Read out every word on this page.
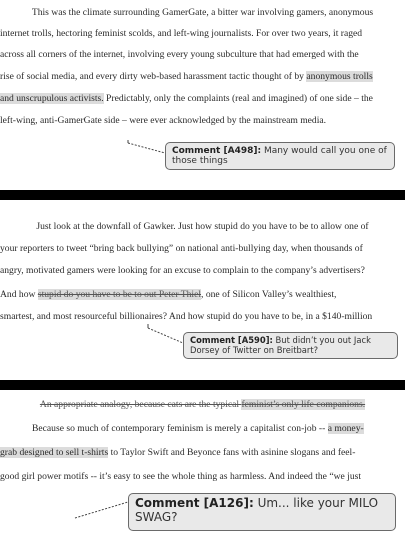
This was the climate surrounding GamerGate, a bitter war involving gamers, anonymous
internet trolls, hectoring feminist scolds, and left-wing journalists. For over two years, it raged
across all corners of the internet, involving every young subculture that had emerged with the
rise of social media, and every dirty web-based harassment tactic thought of by anonymous trolls
and unscrupulous activists. Predictably, only the complaints (real and imagined) of one side – the
left-wing, anti-GamerGate side – were ever acknowledged by the mainstream media.
Comment [A498]: Many would call you one of those things
Just look at the downfall of Gawker. Just how stupid do you have to be to allow one of
your reporters to tweet “bring back bullying” on national anti-bullying day, when thousands of
angry, motivated gamers were looking for an excuse to complain to the company’s advertisers?
And how stupid do you have to be to out Peter Thiel, one of Silicon Valley’s wealthiest,
smartest, and most resourceful billionaires? And how stupid do you have to be, in a $140-million
Comment [A590]: But didn’t you out Jack Dorsey of Twitter on Breitbart?
An appropriate analogy, because cats are the typical feminist’s only life companions.
Because so much of contemporary feminism is merely a capitalist con-job -- a money-
grab designed to sell t-shirts to Taylor Swift and Beyonce fans with asinine slogans and feel-
good girl power motifs -- it’s easy to see the whole thing as harmless. And indeed the “we just
Comment [A126]: Um... like your MILO SWAG?
